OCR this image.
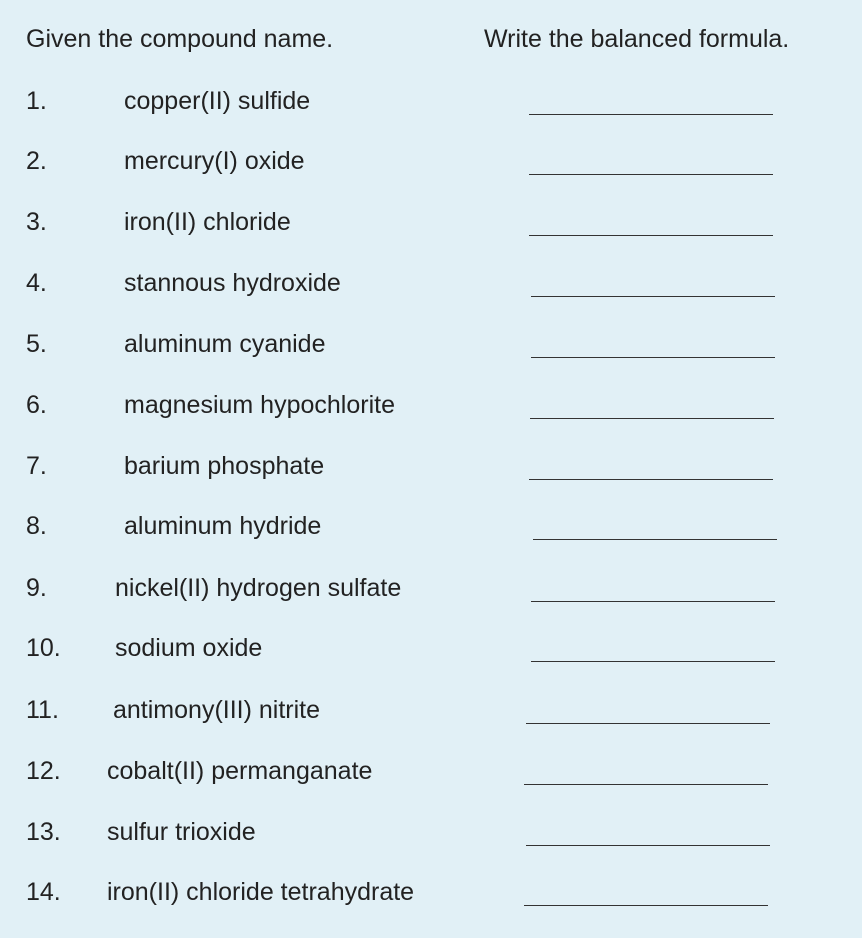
Given the compound name.	Write the balanced formula.
1.	copper(II) sulfide
2.	mercury(I) oxide
3.	iron(II) chloride
4.	stannous hydroxide
5.	aluminum cyanide
6.	magnesium hypochlorite
7.	barium phosphate
8.	aluminum hydride
9.	nickel(II) hydrogen sulfate
10. sodium oxide
11. antimony(III) nitrite
12. cobalt(II) permanganate
13. sulfur trioxide
14. iron(II) chloride tetrahydrate
